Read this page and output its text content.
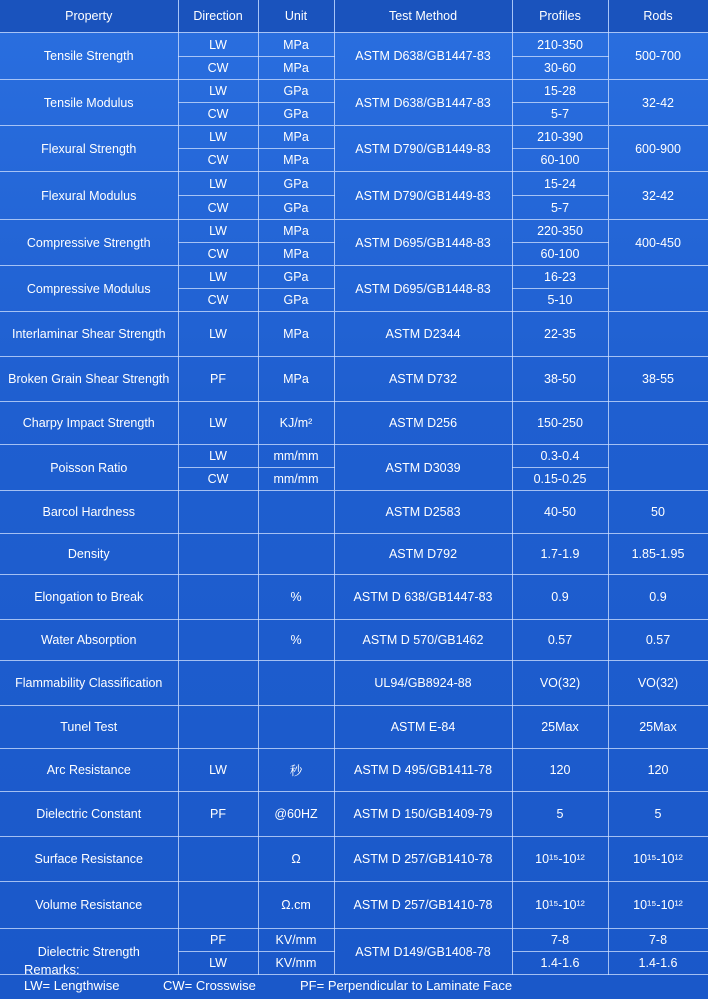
Property	Direction	Unit	Test Method	Profiles	Rods
Tensile Strength	LW	MPa	ASTM D638/GB1447-83	210-350	500-700
	CW	MPa		30-60	
Tensile Modulus	LW	GPa	ASTM D638/GB1447-83	15-28	32-42
	CW	GPa		5-7	
Flexural Strength	LW	MPa	ASTM D790/GB1449-83	210-390	600-900
	CW	MPa		60-100	
Flexural Modulus	LW	GPa	ASTM D790/GB1449-83	15-24	32-42
	CW	GPa		5-7	
Compressive Strength	LW	MPa	ASTM D695/GB1448-83	220-350	400-450
	CW	MPa		60-100	
Compressive Modulus	LW	GPa	ASTM D695/GB1448-83	16-23	
	CW	GPa		5-10	
Interlaminar Shear Strength	LW	MPa	ASTM D2344	22-35	
Broken Grain Shear Strength	PF	MPa	ASTM D732	38-50	38-55
Charpy Impact Strength	LW	KJ/m²	ASTM D256	150-250	
Poisson Ratio	LW	mm/mm	ASTM D3039	0.3-0.4	
	CW	mm/mm		0.15-0.25	
Barcol Hardness			ASTM D2583	40-50	50
Density			ASTM D792	1.7-1.9	1.85-1.95
Elongation to Break		%	ASTM D 638/GB1447-83	0.9	0.9
Water Absorption		%	ASTM D 570/GB1462	0.57	0.57
Flammability Classification			UL94/GB8924-88	VO(32)	VO(32)
Tunel Test			ASTM E-84	25Max	25Max
Arc Resistance	LW	秒	ASTM D 495/GB1411-78	120	120
Dielectric Constant	PF	@60HZ	ASTM D 150/GB1409-79	5	5
Surface Resistance		Ω	ASTM D 257/GB1410-78	10¹⁵-10¹²	10¹⁵-10¹²
Volume Resistance		Ω.cm	ASTM D 257/GB1410-78	10¹⁵-10¹²	10¹⁵-10¹²
Dielectric Strength	PF	KV/mm	ASTM D149/GB1408-78	7-8	7-8
	LW	KV/mm		1.4-1.6	1.4-1.6
Remarks:
LW= Lengthwise	CW= Crosswise	PF= Perpendicular to Laminate Face
